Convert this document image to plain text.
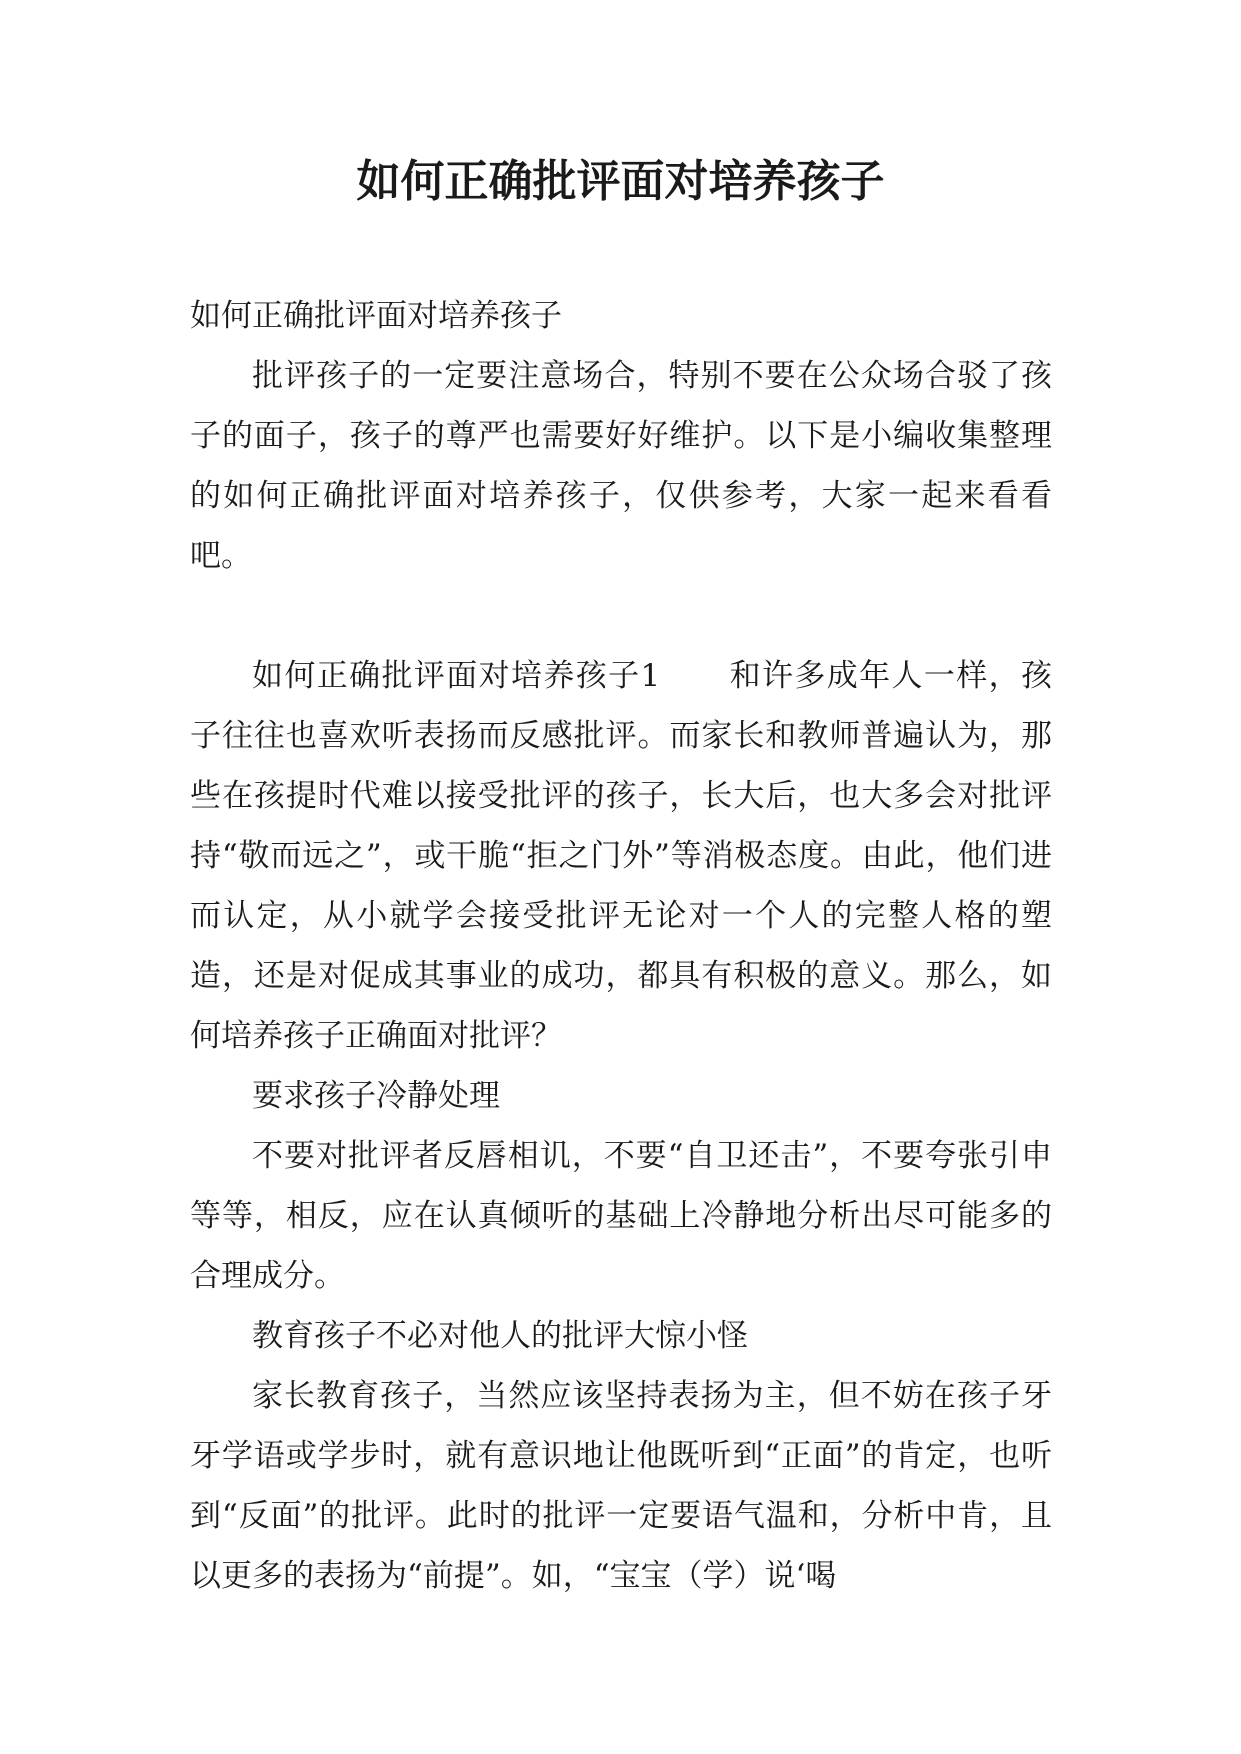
如何正确批评面对培养孩子

如何正确批评面对培养孩子

批评孩子的一定要注意场合，特别不要在公众场合驳了孩子的面子，孩子的尊严也需要好好维护。以下是小编收集整理的如何正确批评面对培养孩子，仅供参考，大家一起来看看吧。

如何正确批评面对培养孩子1 和许多成年人一样，孩子往往也喜欢听表扬而反感批评。而家长和教师普遍认为，那些在孩提时代难以接受批评的孩子，长大后，也大多会对批评持“敬而远之”，或干脆“拒之门外”等消极态度。由此，他们进而认定，从小就学会接受批评无论对一个人的完整人格的塑造，还是对促成其事业的成功，都具有积极的意义。那么，如何培养孩子正确面对批评？

要求孩子冷静处理

不要对批评者反唇相讥，不要“自卫还击”，不要夸张引申等等，相反，应在认真倾听的基础上冷静地分析出尽可能多的合理成分。

教育孩子不必对他人的批评大惊小怪

家长教育孩子，当然应该坚持表扬为主，但不妨在孩子牙牙学语或学步时，就有意识地让他既听到“正面”的肯定，也听到“反面”的批评。此时的批评一定要语气温和，分析中肯，且以更多的表扬为“前提”。如，“宝宝（学）说‘喝
